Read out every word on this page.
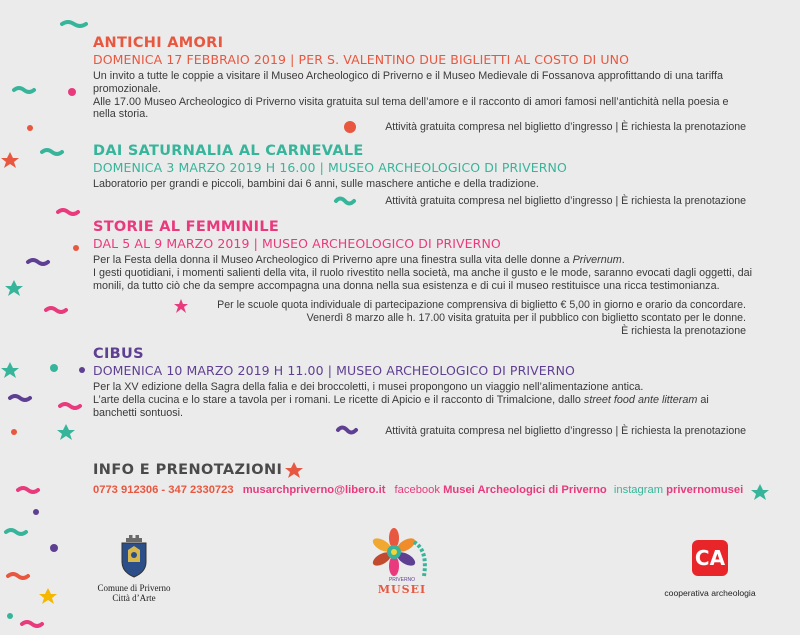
ANTICHI AMORI
DOMENICA 17 FEBBRAIO 2019 | PER S. VALENTINO DUE BIGLIETTI AL COSTO DI UNO
Un invito a tutte le coppie a visitare il Museo Archeologico di Priverno e il Museo Medievale di Fossanova approfittando di una tariffa promozionale.
Alle 17.00 Museo Archeologico di Priverno visita gratuita sul tema dell’amore e il racconto di amori famosi nell’antichità nella poesia e nella storia.
Attività gratuita compresa nel biglietto d’ingresso | È richiesta la prenotazione
DAI SATURNALIA AL CARNEVALE
DOMENICA 3 MARZO 2019 H 16.00 | MUSEO ARCHEOLOGICO DI PRIVERNO
Laboratorio per grandi e piccoli, bambini dai 6 anni, sulle maschere antiche e della tradizione.
Attività gratuita compresa nel biglietto d’ingresso | È richiesta la prenotazione
STORIE AL FEMMINILE
DAL 5 AL 9 MARZO 2019 | MUSEO ARCHEOLOGICO DI PRIVERNO
Per la Festa della donna il Museo Archeologico di Priverno apre una finestra sulla vita delle donne a Privernum.
I gesti quotidiani, i momenti salienti della vita, il ruolo rivestito nella società, ma anche il gusto e le mode, saranno evocati dagli oggetti, dai monili, da tutto ciò che da sempre accompagna una donna nella sua esistenza e di cui il museo restituisce una ricca testimonianza.
Per le scuole quota individuale di partecipazione comprensiva di biglietto € 5,00 in giorno e orario da concordare.
Venerdì 8 marzo alle h. 17.00 visita gratuita per il pubblico con biglietto scontato per le donne.
È richiesta la prenotazione
CIBUS
DOMENICA 10 MARZO 2019 H 11.00 | MUSEO ARCHEOLOGICO DI PRIVERNO
Per la XV edizione della Sagra della falia e dei broccoletti, i musei propongono un viaggio nell’alimentazione antica.
L’arte della cucina e lo stare a tavola per i romani. Le ricette di Apicio e il racconto di Trimalcione, dallo street food ante litteram ai banchetti sontuosi.
Attività gratuita compresa nel biglietto d’ingresso | È richiesta la prenotazione
INFO E PRENOTAZIONI
0773 912306 - 347 2330723 musarchpriverno@libero.it facebook Musei Archeologici di Priverno instagram privernomusei
Comune di Priverno
Città d’Arte
PRIVERNO
MUSEI
CA
cooperativa archeologia
